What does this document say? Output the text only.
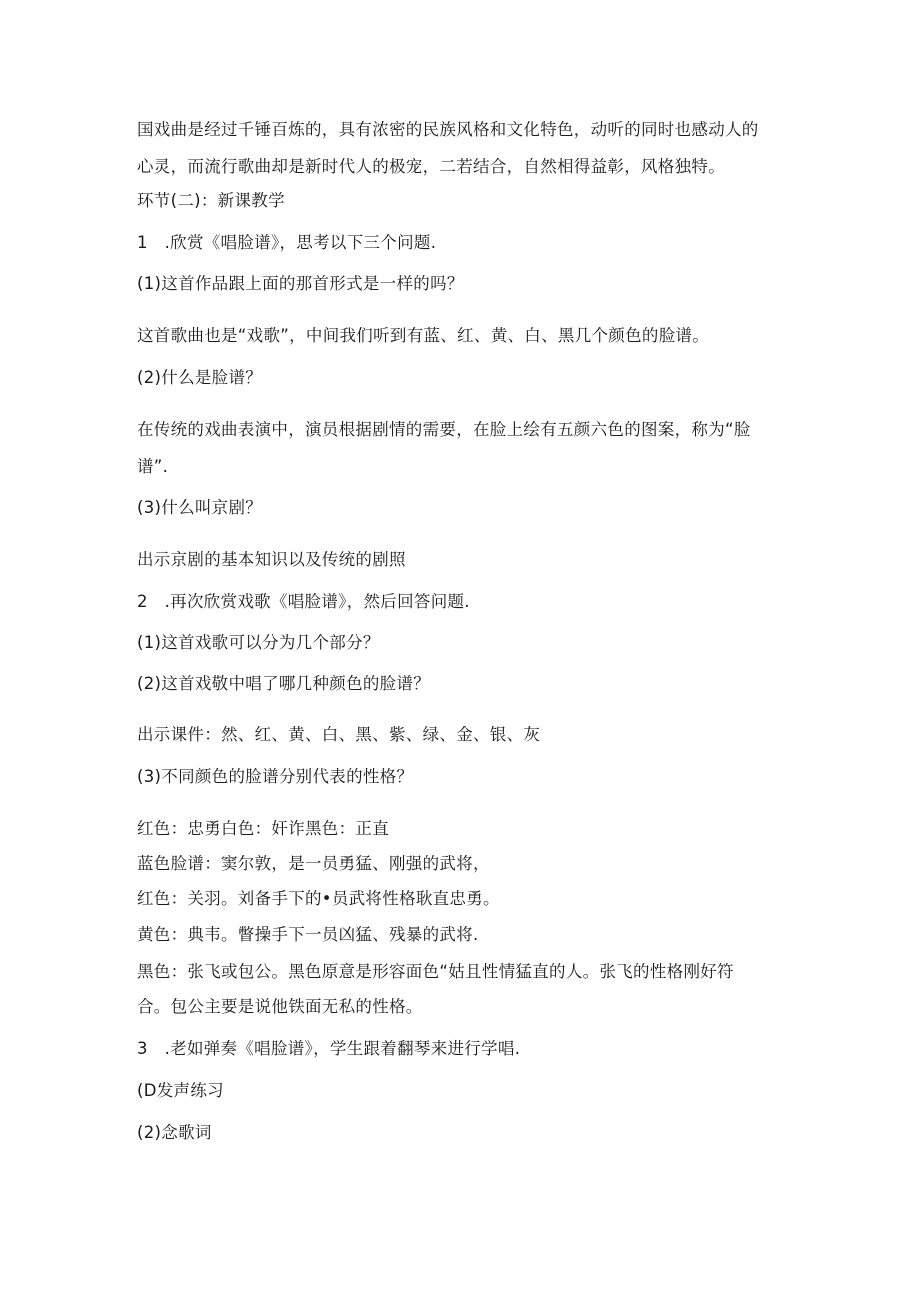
国戏曲是经过千锤百炼的，具有浓密的民族风格和文化特色，动听的同时也感动人的
心灵，而流行歌曲却是新时代人的极宠，二若结合，自然相得益彰，风格独特。
环节(二)：新课教学
1　.欣赏《唱脸谱》，思考以下三个问题.
(1)这首作品跟上面的那首形式是一样的吗？
这首歌曲也是“戏歌”，中间我们听到有蓝、红、黄、白、黑几个颜色的脸谱。
(2)什么是脸谱？
在传统的戏曲表演中，演员根据剧情的需要，在脸上绘有五颜六色的图案，称为“脸
谱”.
(3)什么叫京剧？
出示京剧的基本知识以及传统的剧照
2　.再次欣赏戏歌《唱脸谱》，然后回答问题.
(1)这首戏歌可以分为几个部分？
(2)这首戏敬中唱了哪几种颜色的脸谱？
出示课件：然、红、黄、白、黑、紫、绿、金、银、灰
(3)不同颜色的脸谱分别代表的性格？
红色：忠勇白色：奸诈黑色：正直
蓝色脸谱：窦尔敦，是一员勇猛、刚强的武将，
红色：关羽。刘备手下的•员武将性格耿直忠勇。
黄色：典韦。瞥操手下一员凶猛、残暴的武将.
黑色：张飞或包公。黑色原意是形容面色“姑且性情猛直的人。张飞的性格刚好符
合。包公主要是说他铁面无私的性格。
3　.老如弹奏《唱脸谱》，学生跟着翻琴来进行学唱.
(D发声练习
(2)念歌词
